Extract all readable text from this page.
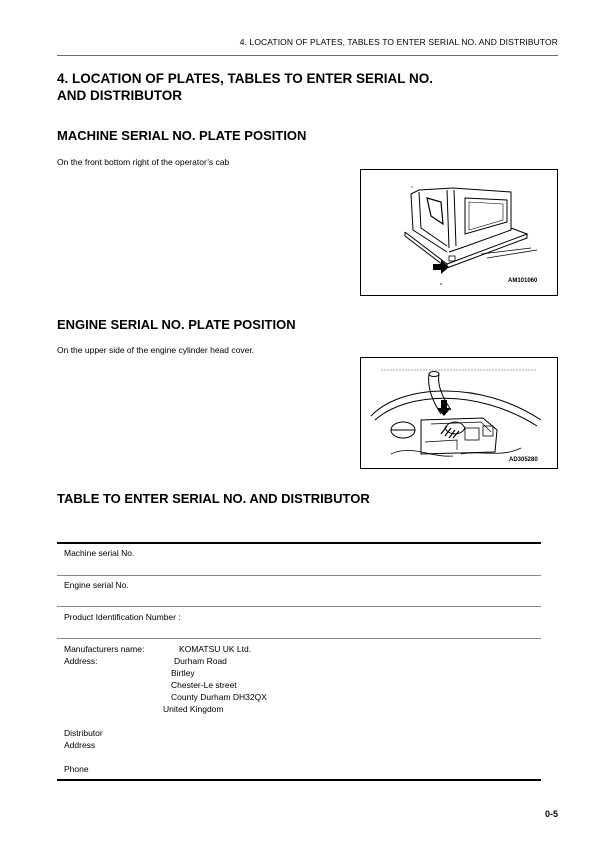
4. LOCATION OF PLATES, TABLES TO ENTER SERIAL NO. AND DISTRIBUTOR
4. LOCATION OF PLATES, TABLES TO ENTER SERIAL NO.
AND DISTRIBUTOR
MACHINE SERIAL NO. PLATE POSITION
On the front bottom right of the operator’s cab
AM101060
ENGINE SERIAL NO. PLATE POSITION
On the upper side of the engine cylinder head cover.
AD305280
TABLE TO ENTER SERIAL NO. AND DISTRIBUTOR
Machine serial No.
Engine serial No.
Product Identification Number :
Manufacturers name:	KOMATSU UK Ltd.
Address:	Durham Road
Birtley
Chester-Le street
County Durham DH32QX
United Kingdom
Distributor
Address
Phone
0-5
